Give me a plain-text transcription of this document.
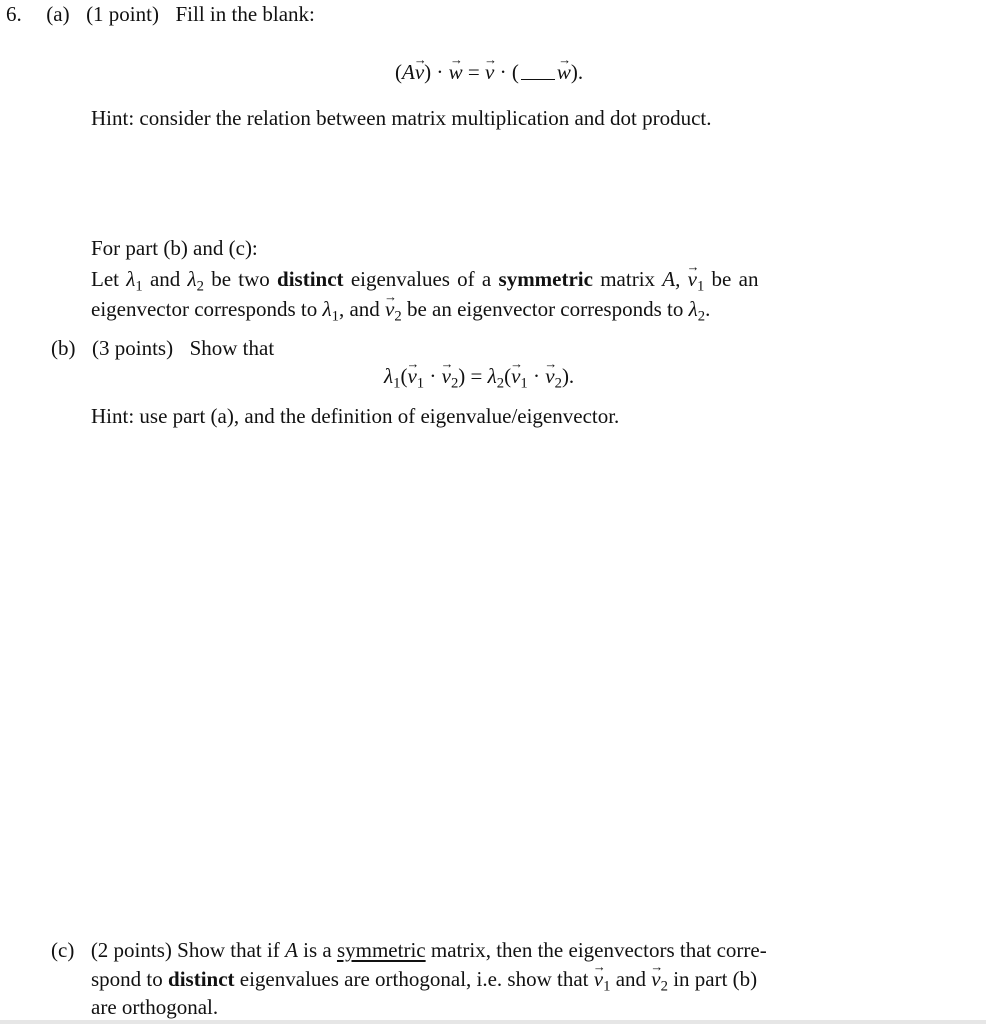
6. (a) (1 point) Fill in the blank:
(A→ v) · → w = → v · ( → w).
Hint: consider the relation between matrix multiplication and dot product.
For part (b) and (c):
Let $\lambda_1$ and $\lambda_2$ be two distinct eigenvalues of a symmetric matrix A, → $v_1$ be an
eigenvector corresponds to $\lambda_1$, and → $v_2$ be an eigenvector corresponds to $\lambda_2$.
(b) (3 points) Show that
$\lambda_1(\to v_1$ · → $v_2) = \lambda_2(\to v_1$ · → $v_2$).
Hint: use part (a), and the definition of eigenvalue/eigenvector.
(c) (2 points) Show that if A is a symmetric matrix, then the eigenvectors that corre-
spond to distinct eigenvalues are orthogonal, i.e. show that → $v_1$ and → $v_2$ in part (b)
are orthogonal.
